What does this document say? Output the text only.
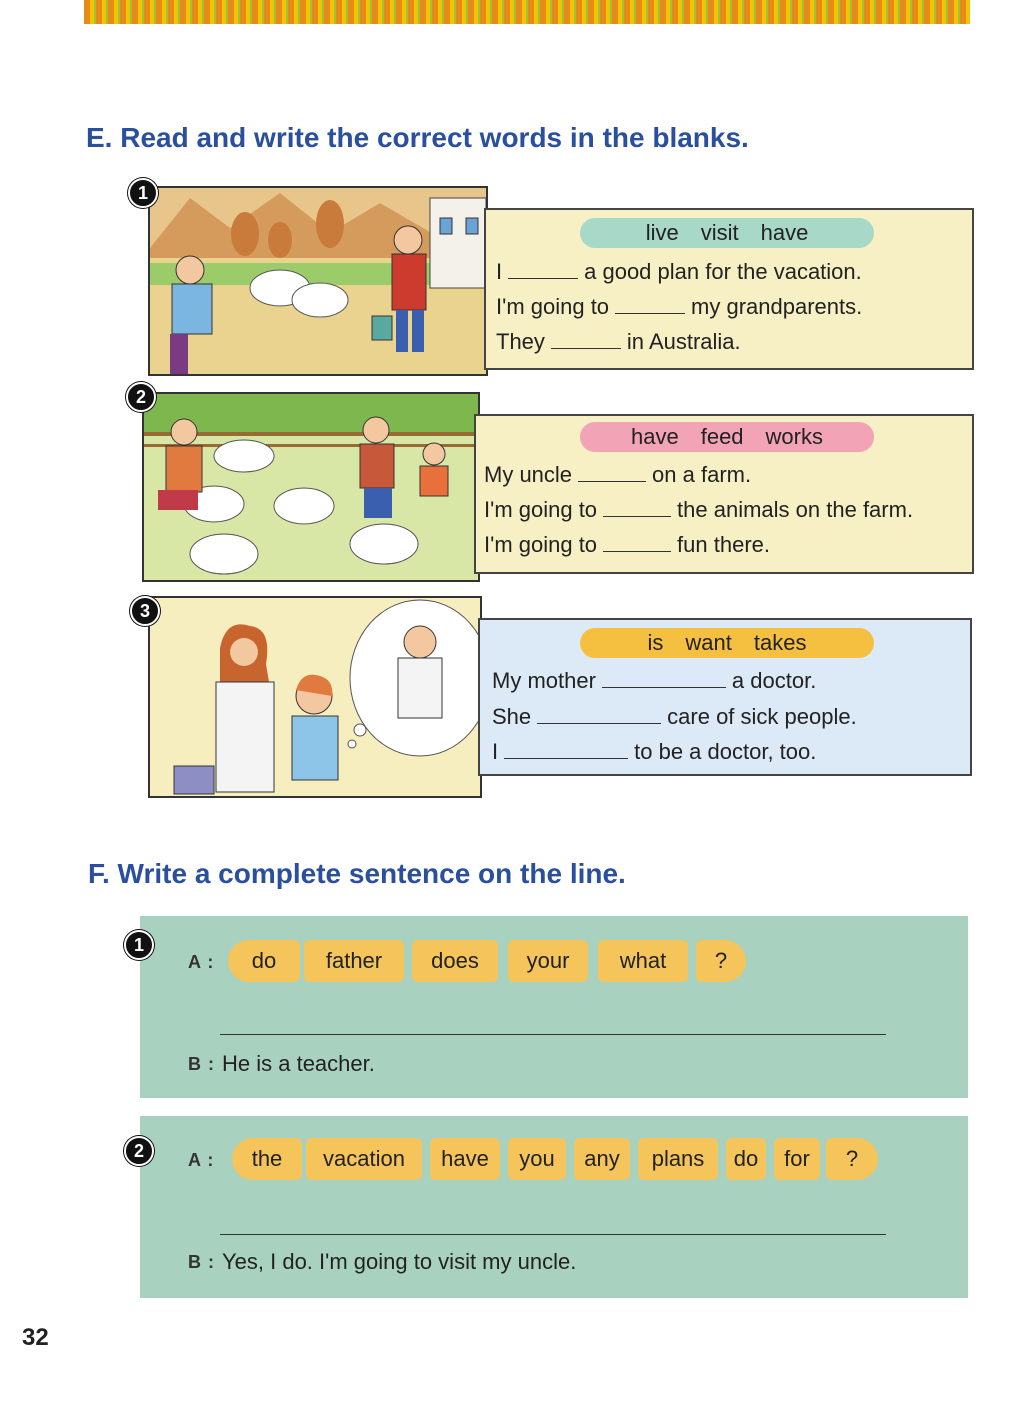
E. Read and write the correct words in the blanks.
1
live visit have
I	a good plan for the vacation.
I'm going to	my grandparents.
They	in Australia.
2
have feed works
My uncle	on a farm.
I'm going to	the animals on the farm.
I'm going to	fun there.
3
is want takes
My mother	a doctor.
She	care of sick people.
I	to be a doctor, too.
F. Write a complete sentence on the line.
1
A :	do	father	does	your	what	?
B : He is a teacher.
2	A :	the	vacation	have	you	any	plans	do	for	?
B : Yes, I do. I'm going to visit my uncle.
32
